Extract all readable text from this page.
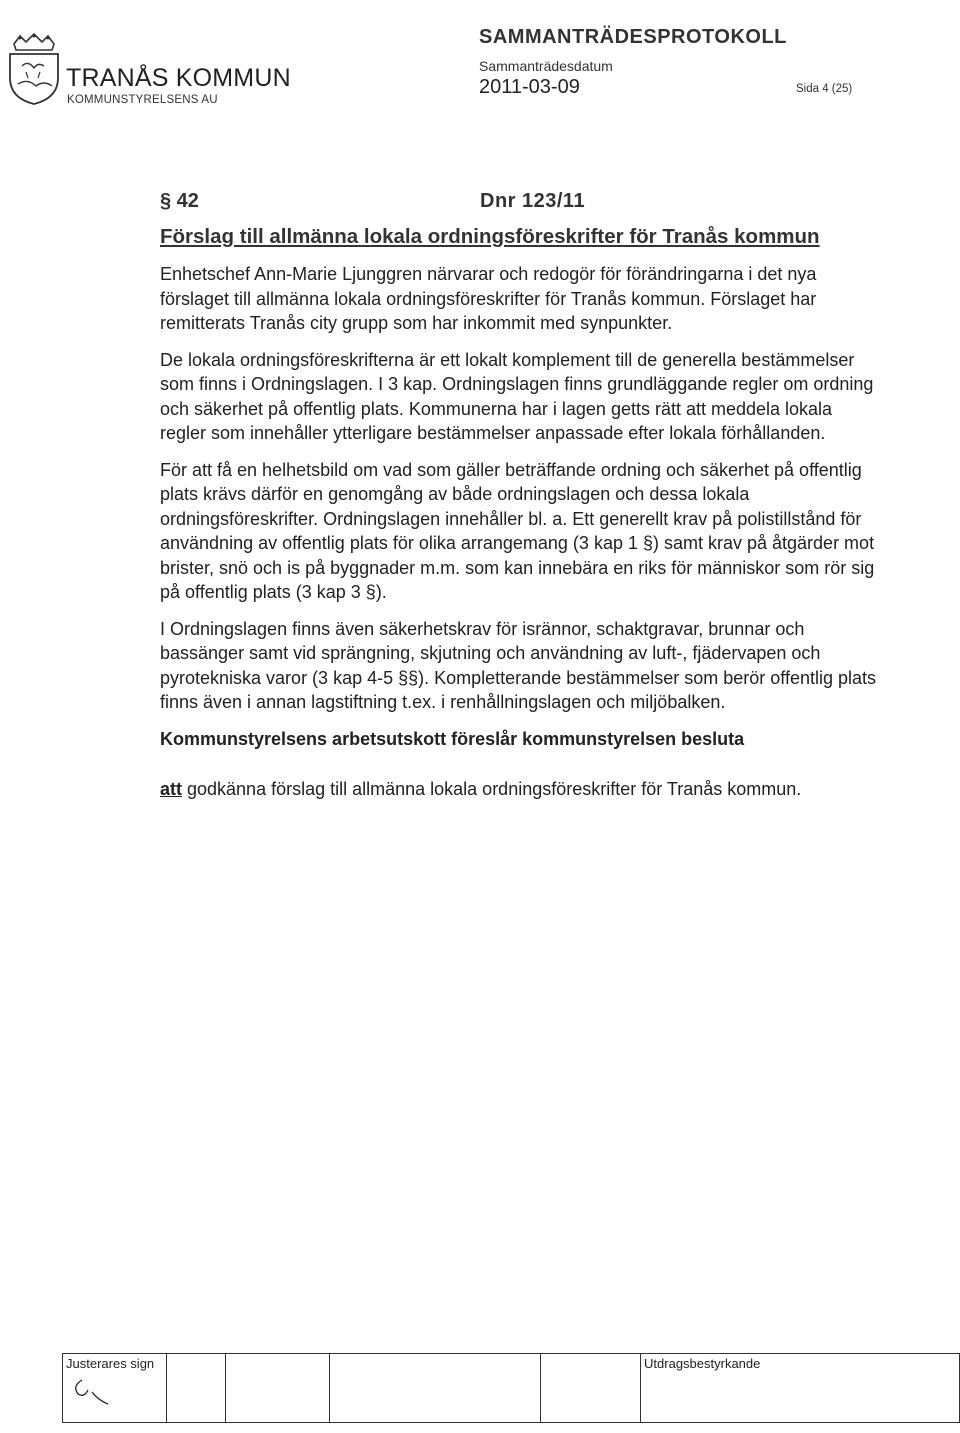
TRANÅS KOMMUN
KOMMUNSTYRELSENS AU
SAMMANTRÄDESPROTOKOLL
Sammanträdesdatum
2011-03-09	Sida 4 (25)
§ 42	Dnr 123/11
Förslag till allmänna lokala ordningsföreskrifter för Tranås kommun

Enhetschef Ann-Marie Ljunggren närvarar och redogör för förändringarna i det nya förslaget till allmänna lokala ordningsföreskrifter för Tranås kommun. Förslaget har remitterats Tranås city grupp som har inkommit med synpunkter.

De lokala ordningsföreskrifterna är ett lokalt komplement till de generella bestämmelser som finns i Ordningslagen. I 3 kap. Ordningslagen finns grundläggande regler om ordning och säkerhet på offentlig plats. Kommunerna har i lagen getts rätt att meddela lokala regler som innehåller ytterligare bestämmelser anpassade efter lokala förhållanden.

För att få en helhetsbild om vad som gäller beträffande ordning och säkerhet på offentlig plats krävs därför en genomgång av både ordningslagen och dessa lokala ordningsföreskrifter. Ordningslagen innehåller bl. a. Ett generellt krav på polistillstånd för användning av offentlig plats för olika arrangemang (3 kap 1 §) samt krav på åtgärder mot brister, snö och is på byggnader m.m. som kan innebära en riks för människor som rör sig på offentlig plats (3 kap 3 §).

I Ordningslagen finns även säkerhetskrav för isrännor, schaktgravar, brunnar och bassänger samt vid sprängning, skjutning och användning av luft-, fjädervapen och pyrotekniska varor (3 kap 4-5 §§). Kompletterande bestämmelser som berör offentlig plats finns även i annan lagstiftning t.ex. i renhållningslagen och miljöbalken.

Kommunstyrelsens arbetsutskott föreslår kommunstyrelsen besluta

att godkänna förslag till allmänna lokala ordningsföreskrifter för Tranås kommun.

Justerares sign					Utdragsbestyrkande
